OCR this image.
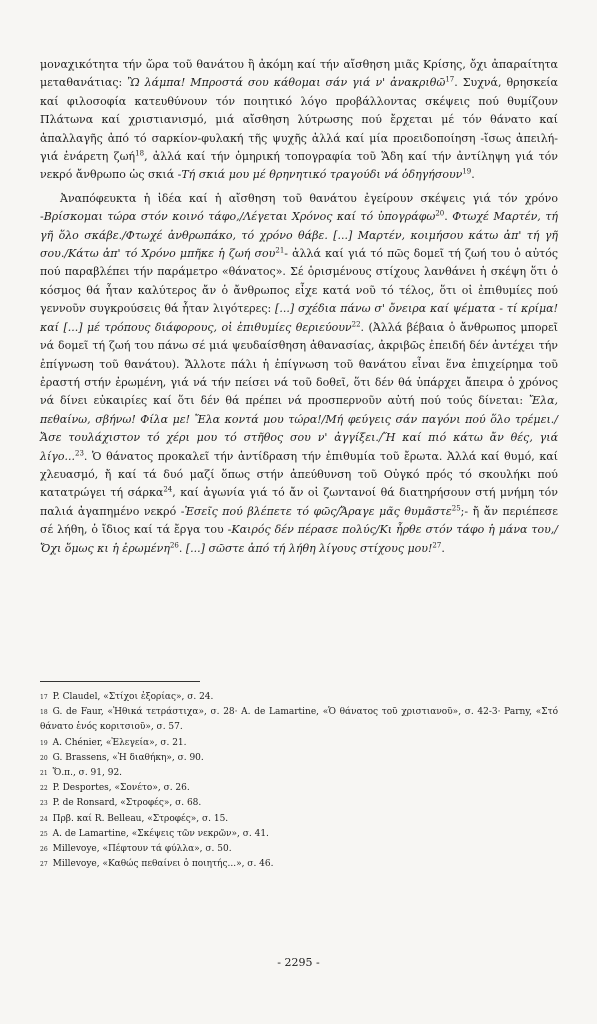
μοναχικότητα τήν ὥρα τοῦ θανάτου ἢ ἀκόμη καί τήν αἴσθηση μιᾶς Κρίσης, ὄχι ἀπαραίτητα μεταθανάτιας: Ὢ λάμπα! Μπροστά σου κάθομαι σάν γιά ν' ἀνακριθῶ$^{17}$. Συχνά, θρησκεία καί φιλοσοφία κατευθύνουν τόν ποιητικό λόγο προβάλλοντας σκέψεις πού θυμίζουν Πλάτωνα καί χριστιανισμό, μιά αἴσθηση λύτρωσης πού ἔρχεται μέ τόν θάνατο καί ἀπαλλαγῆς ἀπό τό σαρκίον-φυλακή τῆς ψυχῆς ἀλλά καί μία προειδοποίηση -ἴσως ἀπειλή- γιά ἐνάρετη ζωή$^{18}$, ἀλλά καί τήν ὁμηρική τοπογραφία τοῦ Ἅδη καί τήν ἀντίληψη γιά τόν νεκρό ἄνθρωπο ὡς σκιά -Τή σκιά μου μέ θρηνητικό τραγούδι νά ὁδηγήσουν$^{19}$.

Ἀναπόφευκτα ἡ ἰδέα καί ἡ αἴσθηση τοῦ θανάτου ἐγείρουν σκέψεις γιά τόν χρόνο -Βρίσκομαι τώρα στόν κοινό τάφο,/Λέγεται Χρόνος καί τό ὑπογράφω$^{20}$. Φτωχέ Μαρτέν, τή γῆ ὅλο σκάβε./Φτωχέ ἀνθρωπάκο, τό χρόνο θάβε. [...] Μαρτέν, κοιμήσου κάτω ἀπ' τή γῆ σου./Κάτω ἀπ' τό Χρόνο μπῆκε ἡ ζωή σου$^{21}$- ἀλλά καί γιά τό πῶς δομεῖ τή ζωή του ὁ αὐτός πού παραβλέπει τήν παράμετρο «θάνατος». Σέ ὁρισμένους στίχους λανθάνει ἡ σκέψη ὅτι ὁ κόσμος θά ἦταν καλύτερος ἄν ὁ ἄνθρωπος εἶχε κατά νοῦ τό τέλος, ὅτι οἱ ἐπιθυμίες πού γεννοῦν συγκρούσεις θά ἦταν λιγότερες: [...] σχέδια πάνω σ' ὄνειρα καί ψέματα - τί κρίμα! καί [...] μέ τρόπους διάφορους, οἱ ἐπιθυμίες θεριεύουν$^{22}$. (Ἀλλά βέβαια ὁ ἄνθρωπος μπορεῖ νά δομεῖ τή ζωή του πάνω σέ μιά ψευδαίσθηση ἀθανασίας, ἀκριβῶς ἐπειδή δέν ἀντέχει τήν ἐπίγνωση τοῦ θανάτου). Ἄλλοτε πάλι ἡ ἐπίγνωση τοῦ θανάτου εἶναι ἕνα ἐπιχείρημα τοῦ ἐραστή στήν ἐρωμένη, γιά νά τήν πείσει νά τοῦ δοθεῖ, ὅτι δέν θά ὑπάρχει ἄπειρα ὁ χρόνος νά δίνει εὐκαιρίες καί ὅτι δέν θά πρέπει νά προσπερνοῦν αὐτή πού τούς δίνεται: Ἔλα, πεθαίνω, σβήνω! Φίλα με! Ἔλα κοντά μου τώρα!/Μή φεύγεις σάν παγόνι πού ὅλο τρέμει./Ἄσε τουλάχιστον τό χέρι μου τό στῆθος σου ν' ἀγγίξει./Ἤ καί πιό κάτω ἄν θές, γιά λίγο...$^{23}$. Ὁ θάνατος προκαλεῖ τήν ἀντίδραση τήν ἐπιθυμία τοῦ ἔρωτα. Ἀλλά καί θυμό, καί χλευασμό, ἤ καί τά δυό μαζί ὅπως στήν ἀπεύθυνση τοῦ Οὐγκό πρός τό σκουλήκι πού κατατρώγει τή σάρκα$^{24}$, καί ἀγωνία γιά τό ἄν οἱ ζωντανοί θά διατηρήσουν στή μνήμη τόν παλιά ἀγαπημένο νεκρό -Ἐσεῖς πού βλέπετε τό φῶς/Ἄραγε μᾶς θυμᾶστε$^{25}$;- ἤ ἄν περιέπεσε σέ λήθη, ὁ ἴδιος καί τά ἔργα του -Καιρός δέν πέρασε πολύς/Κι ἦρθε στόν τάφο ἡ μάνα του,/Ὄχι ὅμως κι ἡ ἐρωμένη$^{26}$. [...] σῶστε ἀπό τή λήθη λίγους στίχους μου!$^{27}$.

$^{17}$ P. Claudel, «Στίχοι ἐξορίας», σ. 24.
$^{18}$ G. de Faur, «Ἠθικά τετράστιχα», σ. 28· A. de Lamartine, «Ὁ θάνατος τοῦ χριστιανοῦ», σ. 42-3· Parny, «Στό θάνατο ἑνός κοριτσιοῦ», σ. 57.
$^{19}$ A. Chénier, «Ἐλεγεία», σ. 21.
$^{20}$ G. Brassens, «Ἡ διαθήκη», σ. 90.
$^{21}$ Ὅ.π., σ. 91, 92.
$^{22}$ P. Desportes, «Σονέτο», σ. 26.
$^{23}$ P. de Ronsard, «Στροφές», σ. 68.
$^{24}$ Πρβ. καί R. Belleau, «Στροφές», σ. 15.
$^{25}$ A. de Lamartine, «Σκέψεις τῶν νεκρῶν», σ. 41.
$^{26}$ Millevoye, «Πέφτουν τά φύλλα», σ. 50.
$^{27}$ Millevoye, «Καθώς πεθαίνει ὁ ποιητής...», σ. 46.
- 2295 -
